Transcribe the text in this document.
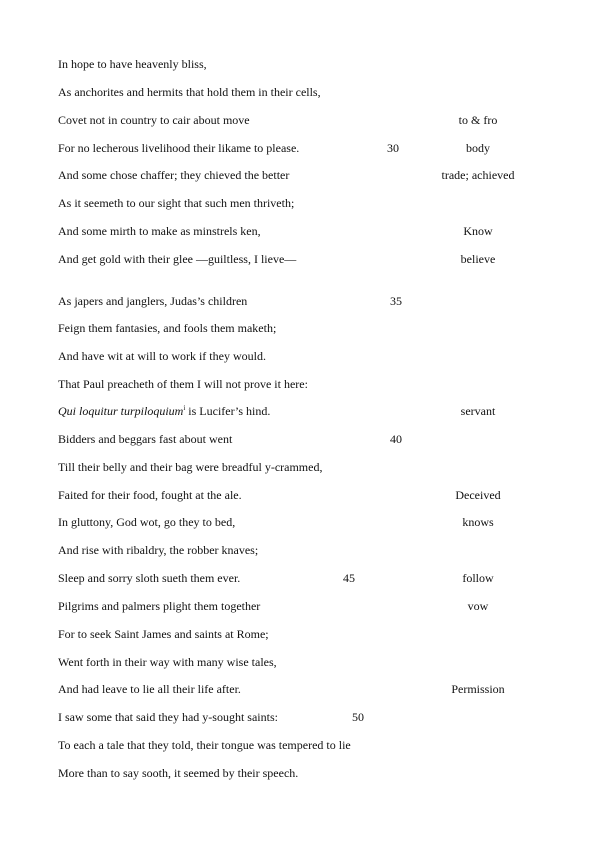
In hope to have heavenly bliss,
As anchorites and hermits that hold them in their cells,
Covet not in country to cair about move	to & fro
For no lecherous livelihood their likame to please.	30	body
And some chose chaffer; they chieved the better	trade; achieved
As it seemeth to our sight that such men thriveth;
And some mirth to make as minstrels ken,	Know
And get gold with their glee —guiltless, I lieve—	believe
As japers and janglers, Judas’s children	35
Feign them fantasies, and fools them maketh;
And have wit at will to work if they would.
That Paul preacheth of them I will not prove it here:
Qui loquitur turpiloquium$^i$ is Lucifer’s hind.	servant
Bidders and beggars fast about went	40
Till their belly and their bag were breadful y-crammed,
Faited for their food, fought at the ale.	Deceived
In gluttony, God wot, go they to bed,	knows
And rise with ribaldry, the robber knaves;
Sleep and sorry sloth sueth them ever.	45	follow
Pilgrims and palmers plight them together	vow
For to seek Saint James and saints at Rome;
Went forth in their way with many wise tales,
And had leave to lie all their life after.	Permission
I saw some that said they had y-sought saints:	50
To each a tale that they told, their tongue was tempered to lie
More than to say sooth, it seemed by their speech.
